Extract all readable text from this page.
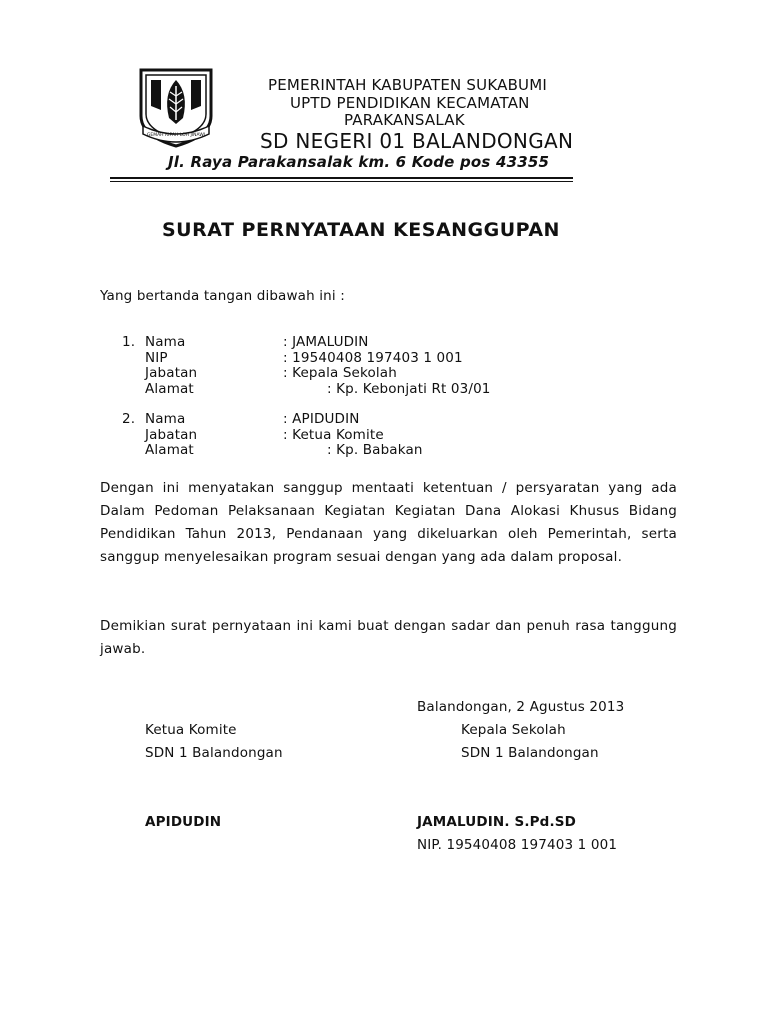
GEMAH RIPAH LOH JINAWI
PEMERINTAH KABUPATEN SUKABUMI
UPTD PENDIDIKAN KECAMATAN
PARAKANSALAK
SD NEGERI 01 BALANDONGAN
Jl. Raya Parakansalak km. 6 Kode pos 43355
SURAT PERNYATAAN KESANGGUPAN
Yang bertanda tangan dibawah ini :
1. Nama	: JAMALUDIN
NIP	: 19540408 197403 1 001
Jabatan	: Kepala Sekolah
Alamat	: Kp. Kebonjati Rt 03/01
2. Nama	: APIDUDIN
Jabatan	: Ketua Komite
Alamat	: Kp. Babakan
Dengan ini menyatakan sanggup mentaati ketentuan / persyaratan yang ada Dalam Pedoman Pelaksanaan Kegiatan Kegiatan Dana Alokasi Khusus Bidang Pendidikan Tahun 2013, Pendanaan yang dikeluarkan oleh Pemerintah, serta sanggup menyelesaikan program sesuai dengan yang ada dalam proposal.
Demikian surat pernyataan ini kami buat dengan sadar dan penuh rasa tanggung jawab.
Balandongan, 2 Agustus 2013
Ketua Komite
SDN 1 Balandongan
APIDUDIN
Kepala Sekolah
SDN 1 Balandongan
JAMALUDIN. S.Pd.SD
NIP. 19540408 197403 1 001
